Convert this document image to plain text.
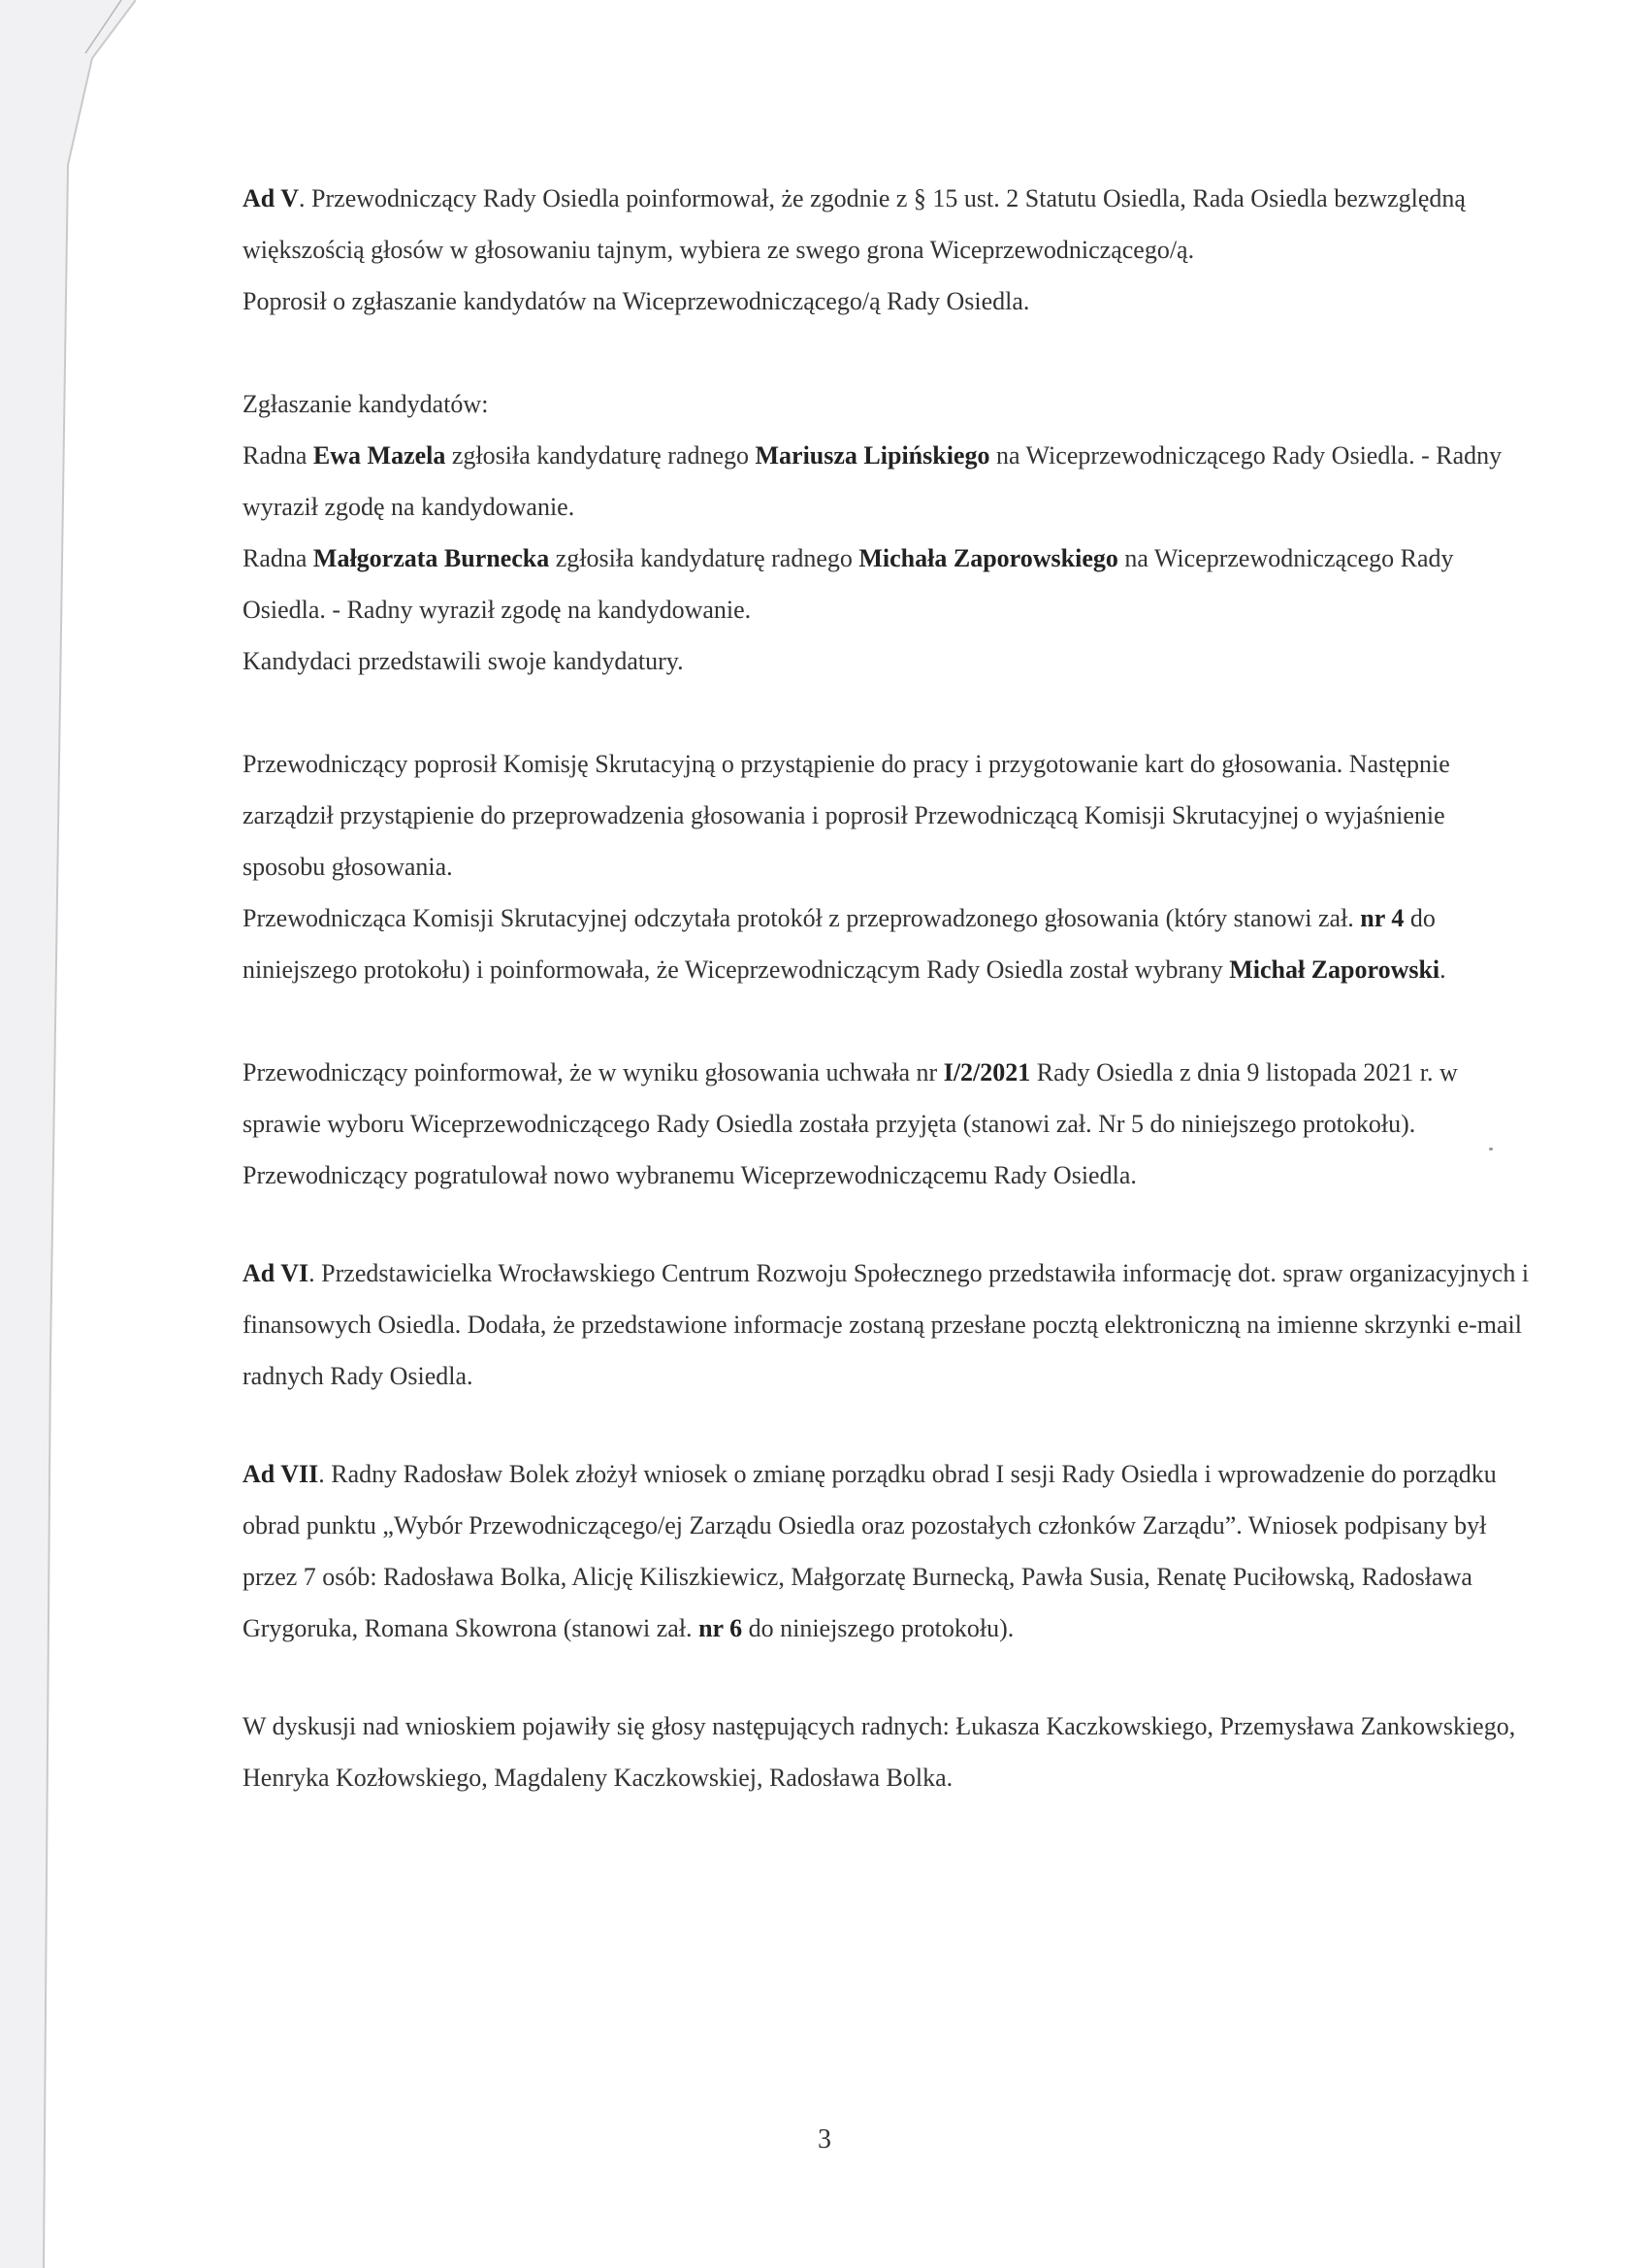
Ad V. Przewodniczący Rady Osiedla poinformował, że zgodnie z § 15 ust. 2 Statutu Osiedla, Rada Osiedla bezwzględną większością głosów w głosowaniu tajnym, wybiera ze swego grona Wiceprzewodniczącego/ą.

Poprosił o zgłaszanie kandydatów na Wiceprzewodniczącego/ą Rady Osiedla.

Zgłaszanie kandydatów:

Radna Ewa Mazela zgłosiła kandydaturę radnego Mariusza Lipińskiego na Wiceprzewodniczącego Rady Osiedla. - Radny wyraził zgodę na kandydowanie.

Radna Małgorzata Burnecka zgłosiła kandydaturę radnego Michała Zaporowskiego na Wiceprzewodniczącego Rady Osiedla. - Radny wyraził zgodę na kandydowanie.

Kandydaci przedstawili swoje kandydatury.

Przewodniczący poprosił Komisję Skrutacyjną o przystąpienie do pracy i przygotowanie kart do głosowania. Następnie zarządził przystąpienie do przeprowadzenia głosowania i poprosił Przewodniczącą Komisji Skrutacyjnej o wyjaśnienie sposobu głosowania.

Przewodnicząca Komisji Skrutacyjnej odczytała protokół z przeprowadzonego głosowania (który stanowi zał. nr 4 do niniejszego protokołu) i poinformowała, że Wiceprzewodniczącym Rady Osiedla został wybrany Michał Zaporowski.

Przewodniczący poinformował, że w wyniku głosowania uchwała nr I/2/2021 Rady Osiedla z dnia 9 listopada 2021 r. w sprawie wyboru Wiceprzewodniczącego Rady Osiedla została przyjęta (stanowi zał. Nr 5 do niniejszego protokołu).

Przewodniczący pogratulował nowo wybranemu Wiceprzewodniczącemu Rady Osiedla.

Ad VI. Przedstawicielka Wrocławskiego Centrum Rozwoju Społecznego przedstawiła informację dot. spraw organizacyjnych i finansowych Osiedla. Dodała, że przedstawione informacje zostaną przesłane pocztą elektroniczną na imienne skrzynki e-mail radnych Rady Osiedla.

Ad VII. Radny Radosław Bolek złożył wniosek o zmianę porządku obrad I sesji Rady Osiedla i wprowadzenie do porządku obrad punktu „Wybór Przewodniczącego/ej Zarządu Osiedla oraz pozostałych członków Zarządu”. Wniosek podpisany był przez 7 osób: Radosława Bolka, Alicję Kiliszkiewicz, Małgorzatę Burnecką, Pawła Susia, Renatę Puciłowską, Radosława Grygoruka, Romana Skowrona (stanowi zał. nr 6 do niniejszego protokołu).

W dyskusji nad wnioskiem pojawiły się głosy następujących radnych: Łukasza Kaczkowskiego, Przemysława Zankowskiego, Henryka Kozłowskiego, Magdaleny Kaczkowskiej, Radosława Bolka.

3
